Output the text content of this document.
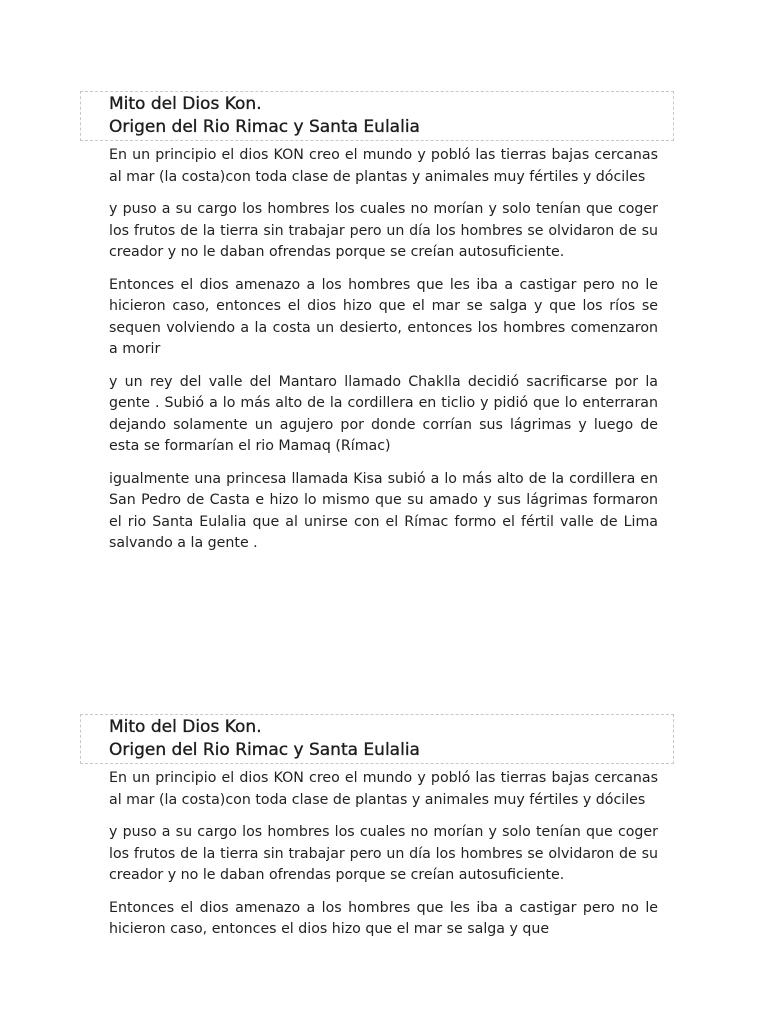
Mito del Dios Kon.
Origen del Rio Rimac y Santa Eulalia

En un principio el dios KON creo el mundo y pobló las tierras bajas cercanas al mar (la costa)con toda clase de plantas y animales muy fértiles y dóciles

y puso a su cargo los hombres los cuales no morían y solo tenían que coger los frutos de la tierra sin trabajar pero un día los hombres se olvidaron de su creador y no le daban ofrendas porque se creían autosuficiente.

Entonces el dios amenazo a los hombres que les iba a castigar pero no le hicieron caso, entonces el dios hizo que el mar se salga y que los ríos se sequen volviendo a la costa un desierto, entonces los hombres comenzaron a morir

y un rey del valle del Mantaro llamado Chaklla decidió sacrificarse por la gente . Subió a lo más alto de la cordillera en ticlio y pidió que lo enterraran dejando solamente un agujero por donde corrían sus lágrimas y luego de esta se formarían el rio Mamaq (Rímac)

igualmente una princesa llamada Kisa subió a lo más alto de la cordillera en San Pedro de Casta e hizo lo mismo que su amado y sus lágrimas formaron el rio Santa Eulalia que al unirse con el Rímac formo el fértil valle de Lima salvando a la gente .

Mito del Dios Kon.
Origen del Rio Rimac y Santa Eulalia

En un principio el dios KON creo el mundo y pobló las tierras bajas cercanas al mar (la costa)con toda clase de plantas y animales muy fértiles y dóciles

y puso a su cargo los hombres los cuales no morían y solo tenían que coger los frutos de la tierra sin trabajar pero un día los hombres se olvidaron de su creador y no le daban ofrendas porque se creían autosuficiente.

Entonces el dios amenazo a los hombres que les iba a castigar pero no le hicieron caso, entonces el dios hizo que el mar se salga y que
